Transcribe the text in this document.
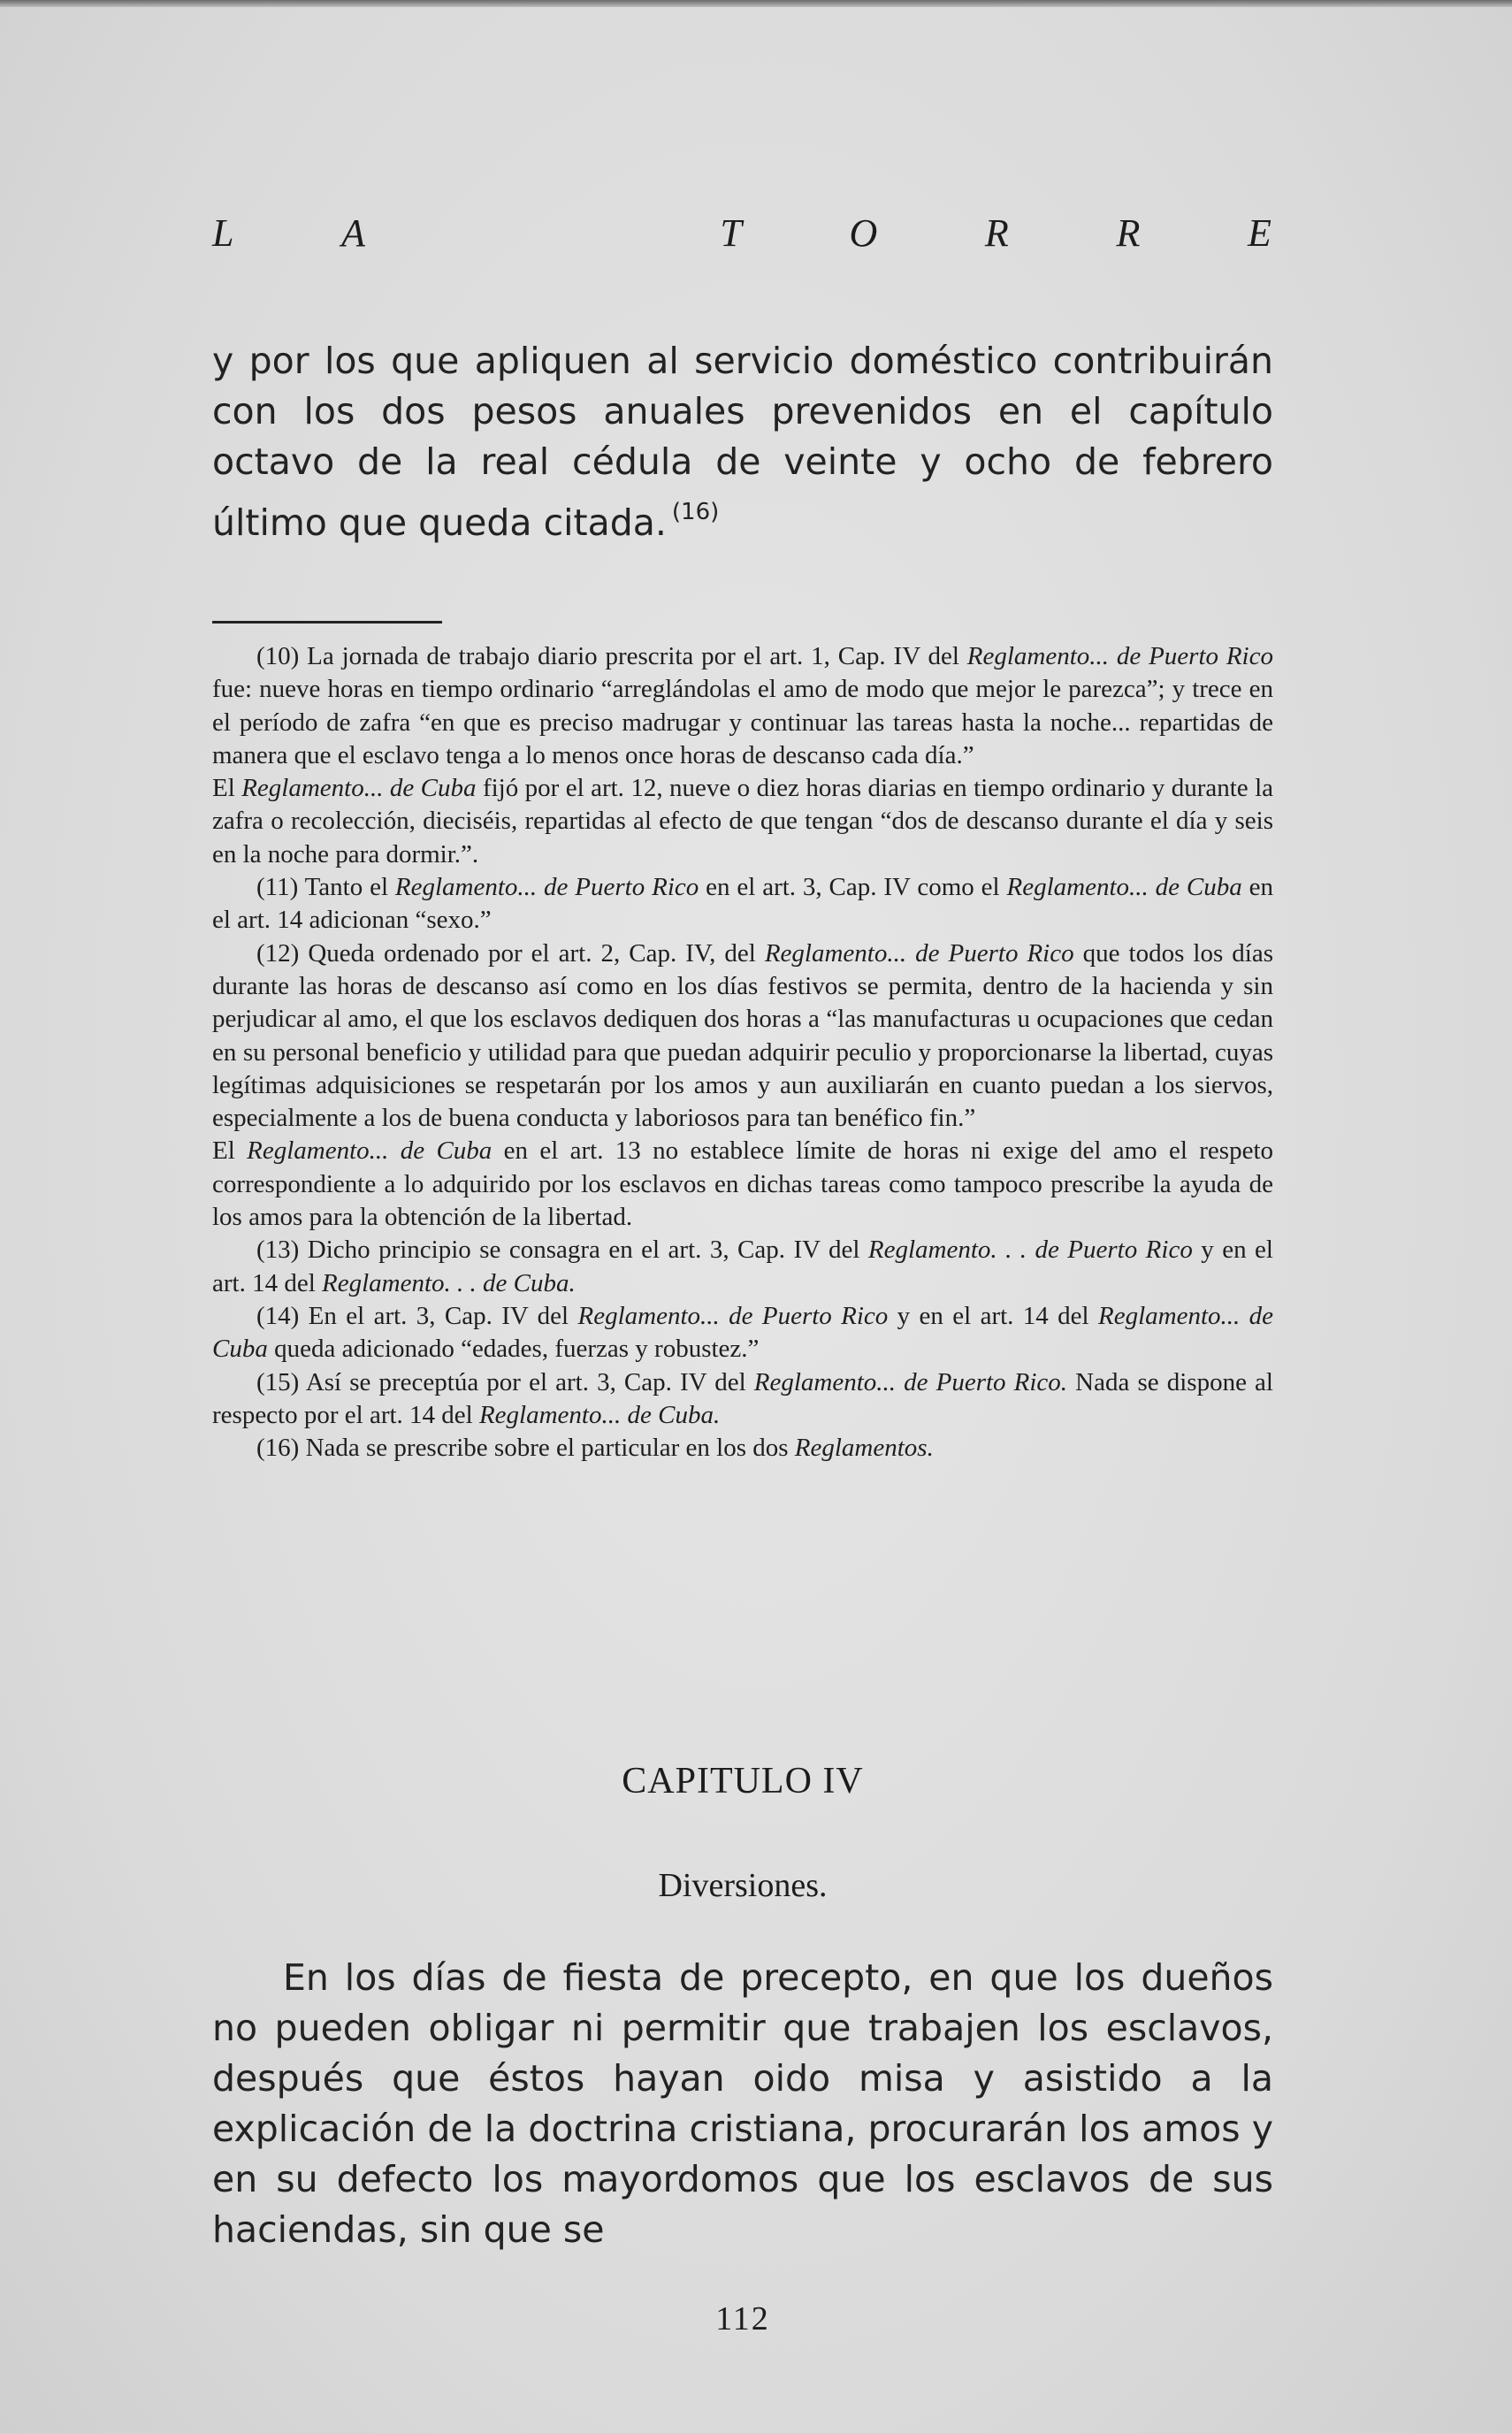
L	A	T	O	R	R	E
y por los que apliquen al servicio doméstico contribuirán con los dos pesos anuales prevenidos en el capítulo octavo de la real cédula de veinte y ocho de febrero último que queda citada. $^{(16)}$

(10) La jornada de trabajo diario prescrita por el art. 1, Cap. IV del Reglamento... de Puerto Rico fue: nueve horas en tiempo ordinario “arreglándolas el amo de modo que mejor le parezca”; y trece en el período de zafra “en que es preciso madrugar y continuar las tareas hasta la noche... repartidas de manera que el esclavo tenga a lo menos once horas de descanso cada día.”

El Reglamento... de Cuba fijó por el art. 12, nueve o diez horas diarias en tiempo ordinario y durante la zafra o recolección, dieciséis, repartidas al efecto de que tengan “dos de descanso durante el día y seis en la noche para dormir.”.

(11) Tanto el Reglamento... de Puerto Rico en el art. 3, Cap. IV como el Reglamento... de Cuba en el art. 14 adicionan “sexo.”

(12) Queda ordenado por el art. 2, Cap. IV, del Reglamento... de Puerto Rico que todos los días durante las horas de descanso así como en los días festivos se permita, dentro de la hacienda y sin perjudicar al amo, el que los esclavos dediquen dos horas a “las manufacturas u ocupaciones que cedan en su personal beneficio y utilidad para que puedan adquirir peculio y proporcionarse la libertad, cuyas legítimas adquisiciones se respetarán por los amos y aun auxiliarán en cuanto puedan a los siervos, especialmente a los de buena conducta y laboriosos para tan benéfico fin.”

El Reglamento... de Cuba en el art. 13 no establece límite de horas ni exige del amo el respeto correspondiente a lo adquirido por los esclavos en dichas tareas como tampoco prescribe la ayuda de los amos para la obtención de la libertad.

(13) Dicho principio se consagra en el art. 3, Cap. IV del Reglamento. . . de Puerto Rico y en el art. 14 del Reglamento. . . de Cuba.

(14) En el art. 3, Cap. IV del Reglamento... de Puerto Rico y en el art. 14 del Reglamento... de Cuba queda adicionado “edades, fuerzas y robustez.”

(15) Así se preceptúa por el art. 3, Cap. IV del Reglamento... de Puerto Rico. Nada se dispone al respecto por el art. 14 del Reglamento... de Cuba.

(16) Nada se prescribe sobre el particular en los dos Reglamentos.

CAPITULO IV
Diversiones.

En los días de fiesta de precepto, en que los dueños no pueden obligar ni permitir que trabajen los esclavos, después que éstos hayan oido misa y asistido a la explicación de la doctrina cristiana, procurarán los amos y en su defecto los mayordomos que los esclavos de sus haciendas, sin que se

112
